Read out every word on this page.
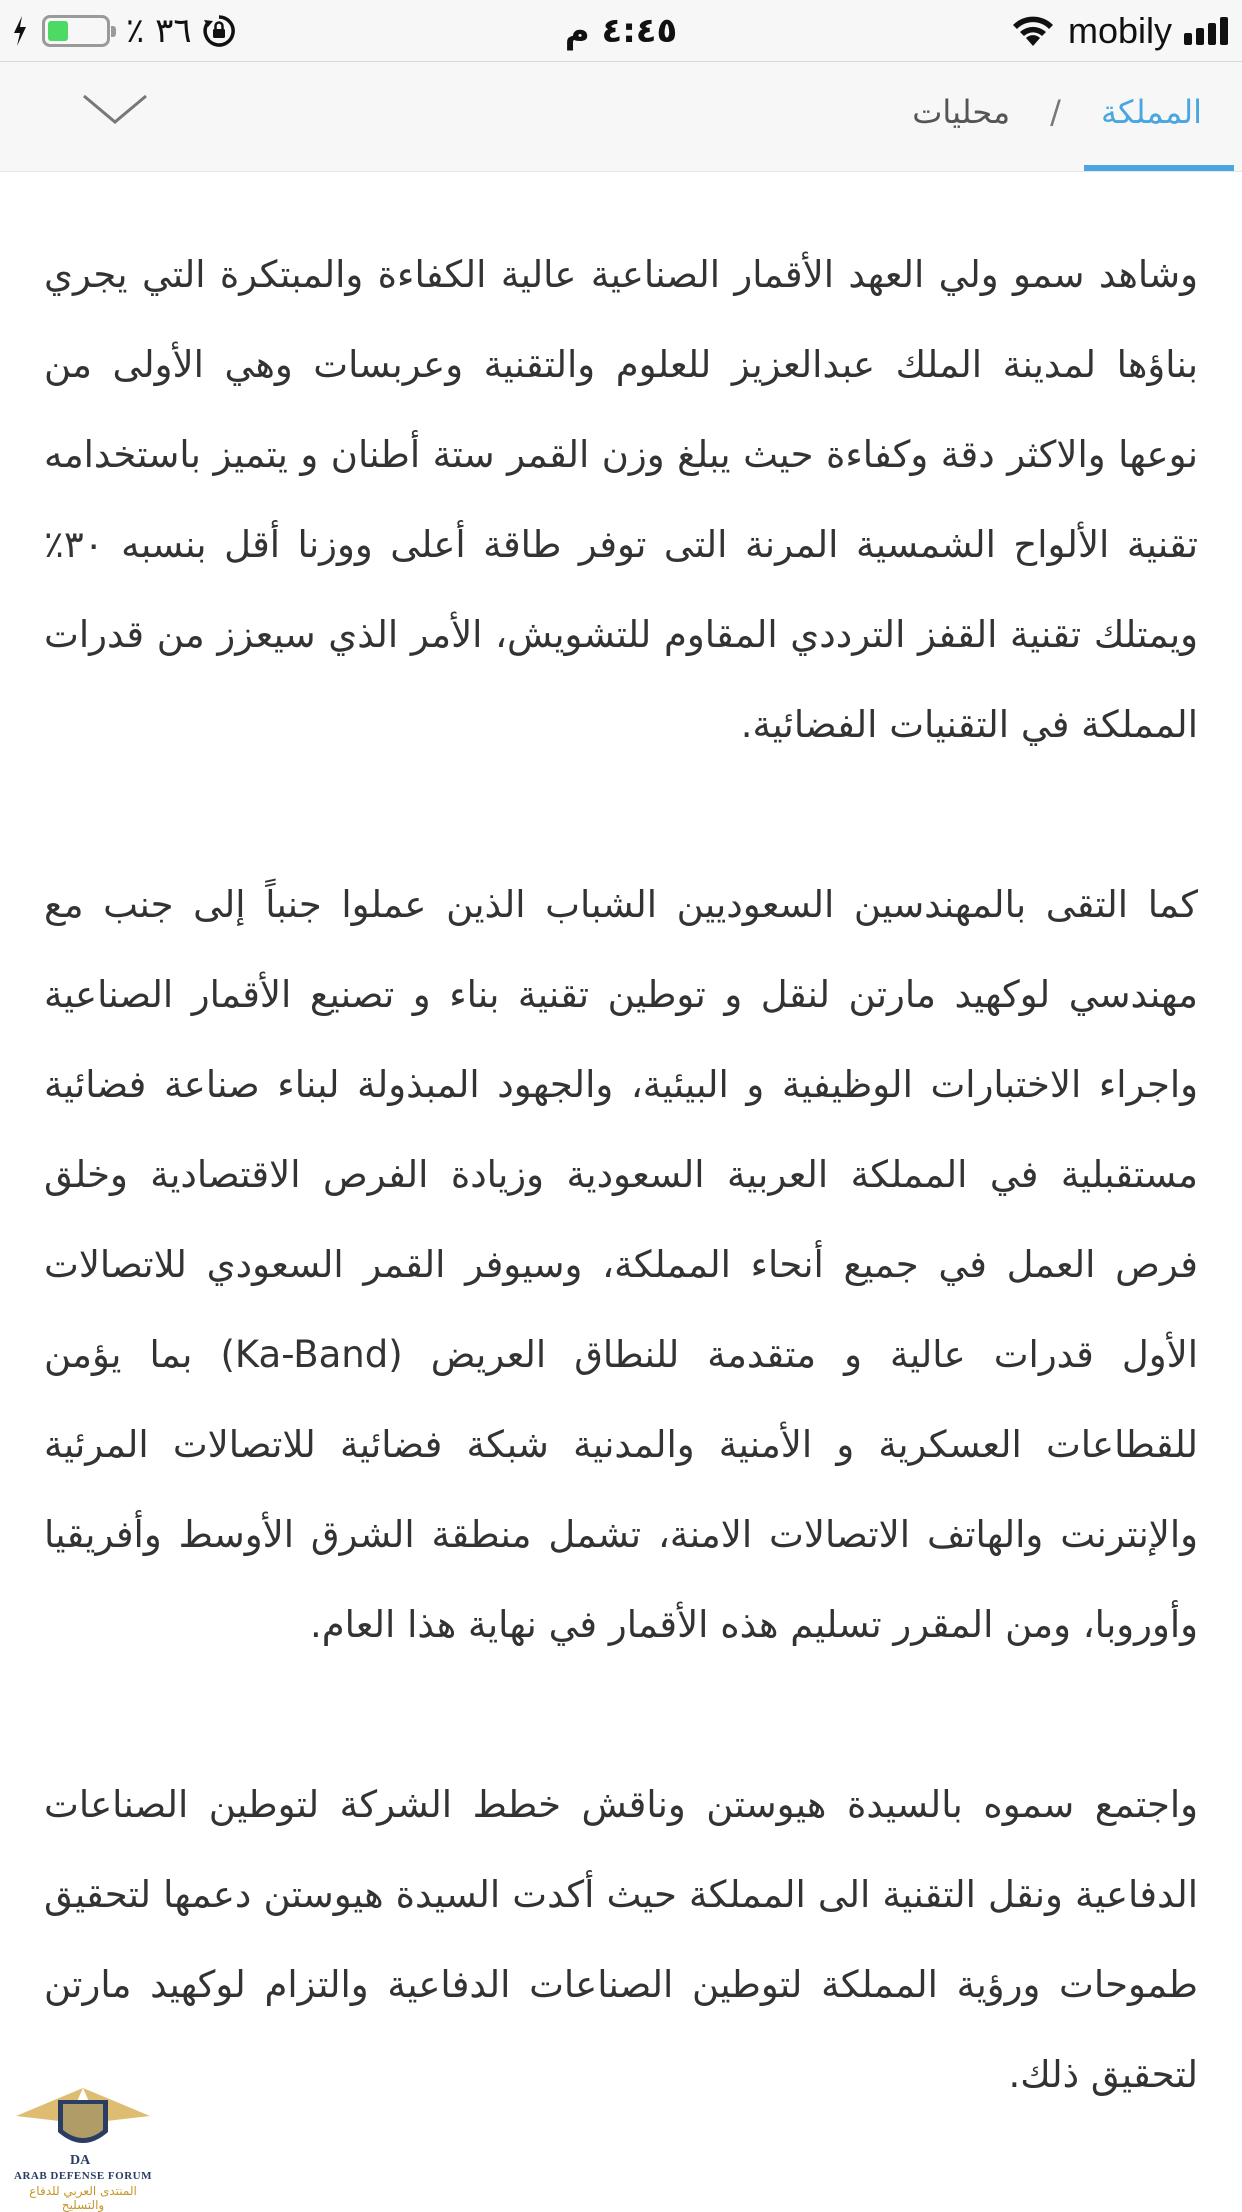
٪ ٣٦	٤:٤٥ م	mobily
المملكة
/
محليات

وشاهد سمو ولي العهد الأقمار الصناعية عالية الكفاءة والمبتكرة التي يجري بناؤها لمدينة الملك عبدالعزيز للعلوم والتقنية وعربسات وهي الأولى من نوعها والاكثر دقة وكفاءة حيث يبلغ وزن القمر ستة أطنان و يتميز باستخدامه تقنية الألواح الشمسية المرنة التى توفر طاقة أعلى ووزنا أقل بنسبه ٣٠٪ ويمتلك تقنية القفز الترددي المقاوم للتشويش، الأمر الذي سيعزز من قدرات المملكة في التقنيات الفضائية.

كما التقى بالمهندسين السعوديين الشباب الذين عملوا جنباً إلى جنب مع مهندسي لوكهيد مارتن لنقل و توطين تقنية بناء و تصنيع الأقمار الصناعية واجراء الاختبارات الوظيفية و البيئية، والجهود المبذولة لبناء صناعة فضائية مستقبلية في المملكة العربية السعودية وزيادة الفرص الاقتصادية وخلق فرص العمل في جميع أنحاء المملكة، وسيوفر القمر السعودي للاتصالات الأول قدرات عالية و متقدمة للنطاق العريض (Ka-Band) بما يؤمن للقطاعات العسكرية و الأمنية والمدنية شبكة فضائية للاتصالات المرئية والإنترنت والهاتف الاتصالات الامنة، تشمل منطقة الشرق الأوسط وأفريقيا وأوروبا، ومن المقرر تسليم هذه الأقمار في نهاية هذا العام.

واجتمع سموه بالسيدة هيوستن وناقش خطط الشركة لتوطين الصناعات الدفاعية ونقل التقنية الى المملكة حيث أكدت السيدة هيوستن دعمها لتحقيق طموحات ورؤية المملكة لتوطين الصناعات الدفاعية والتزام لوكهيد مارتن لتحقيق ذلك.

DA
ARAB DEFENSE FORUM
المنتدى العربي للدفاع والتسليح
